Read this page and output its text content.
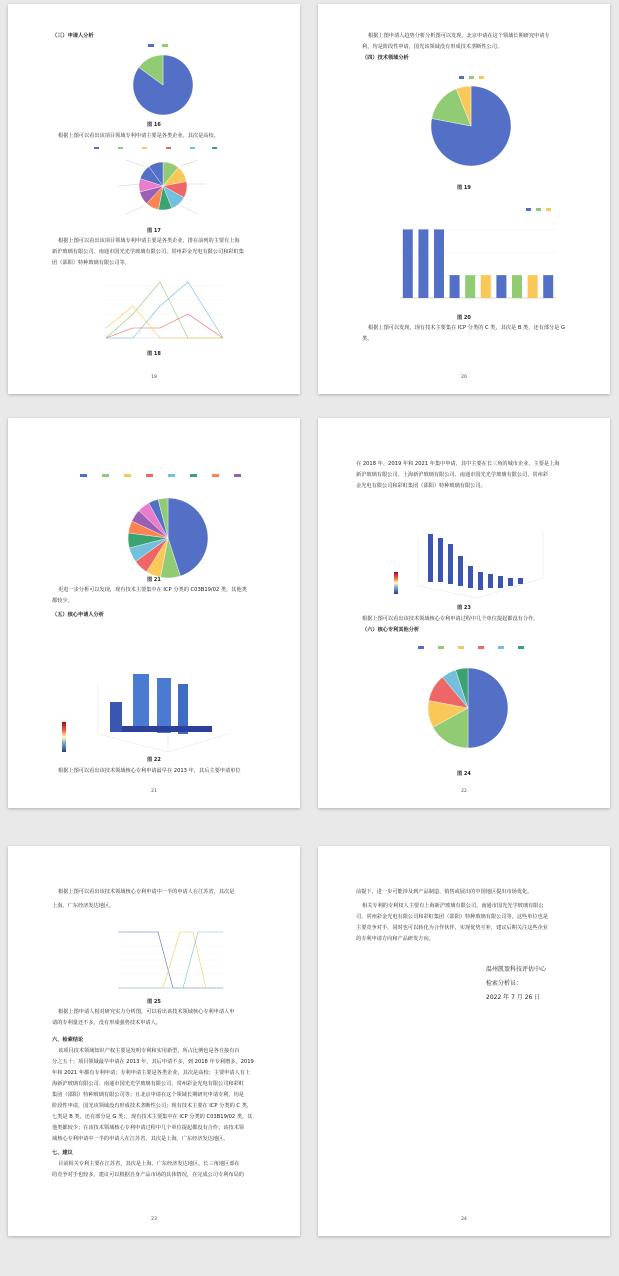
（三）申请人分析
图 16
根据上图可以看出该项目领域专利申请主要是各类企业。其次是高校。
图 17
根据上图可以看出该项目领域专利申请主要是各类企业，排在前列的主要有上海
新沪玻璃有限公司、南通市国光光学玻璃有限公司、常州彩金光电有限公司和彩虹集
团（邵阳）特种玻璃有限公司等。
图 18
19
根据上图申请人趋势分析分析图可以发现，北京申请在这个领域长期研究申请专
利，均是阶段性申请，国光该领域没有形成技术垄断性公司。
（四）技术领域分析
图 19
图 20
根据上图可以发现，现有技术主要集在 ICP 分类的 C 类，其次是 B 类，还有部分是 G
类。
20
图 21
更进一步分析可以发现，现有技术主要集中在 ICP 分类的 C03B19/02 类，其他类
都较少。
（五）核心申请人分析
图 22
根据上图可以看出该技术领域核心专利申请最早在 2013 年，其后主要申请单位
21
在 2018 年、2019 年和 2021 年集中申请，其中主要在长三角的城市企业，主要是上海
新沪玻璃有限公司、上海新沪玻璃有限公司、南通市国光光学玻璃有限公司、常州彩
金光电有限公司和彩虹集团（邵阳）特种玻璃有限公司。
图 23
根据上图可以看出该技术领域核心专利申请过程中几个单位提起都没有合作。
（六）核心专利其他分析
图 24
22
根据上图可以看出该技术领域核心专利申请中一半的申请人在江苏省，其次是
上海，广东经济发达地区。
图 25
根据上图申请人相对研究实力分析图，可以看出该技术领域核心专利申请人申
请的专利量还不多，没有形成强势技术申请人。
六、检索结论
该项目技术领域知识产权主要是发明专利和实用新型，所占比例也是各自接有百
分之五十；项目领域最早申请在 2013 年，其后申请不多，到 2018 年专利增多，2019
年和 2021 年都有专利申请；专利申请主要是各类企业，其次是高校；主要申请人有上
海新沪玻璃有限公司、南通市国光光学玻璃有限公司、常州彩金光电有限公司和彩虹
集团（邵阳）特种玻璃有限公司等；且北京申请在这个领域长期研究申请专利，均是
阶段性申请，国光该领域没有形成技术垄断性公司；现有技术主要在 ICP 分类的 C 类，
七类是 B 类，还有部分是 G 类；，现有技术主要集中在 ICP 分类的 C03B19/02 类，其
他类都较少；在该技术领域核心专利申请过程中几个单位提起都没有合作；该技术领
域核心专利申请中一半的申请人在江苏省，其次是上海，广东经济发达地区。
七、建议
目前相关专利主要在江苏省，其次是上海、广东经济发达地区，长三角地区部在
的竞争对手也较多，建议可以根据自身产品市场的具体情况，在完成公司专利布局的
23
前提下，进一步可能涉及到产品制造、销售或展出的中国地区提出市场优化。
相关专利的专利权人主要有上海新沪玻璃有限公司、南通市国光光学玻璃有限公
司、常州彩金光电有限公司和彩虹集团（邵阳）特种玻璃有限公司等，这些单位也是
主要竞争对手，同时也可以转化为合作伙伴，实现优势互补，建议后期关注这些企业
的专利申请方向和产品研发方向。
温州凯盈科技评估中心
检索分析员：
2022 年 7 月 26 日
24
